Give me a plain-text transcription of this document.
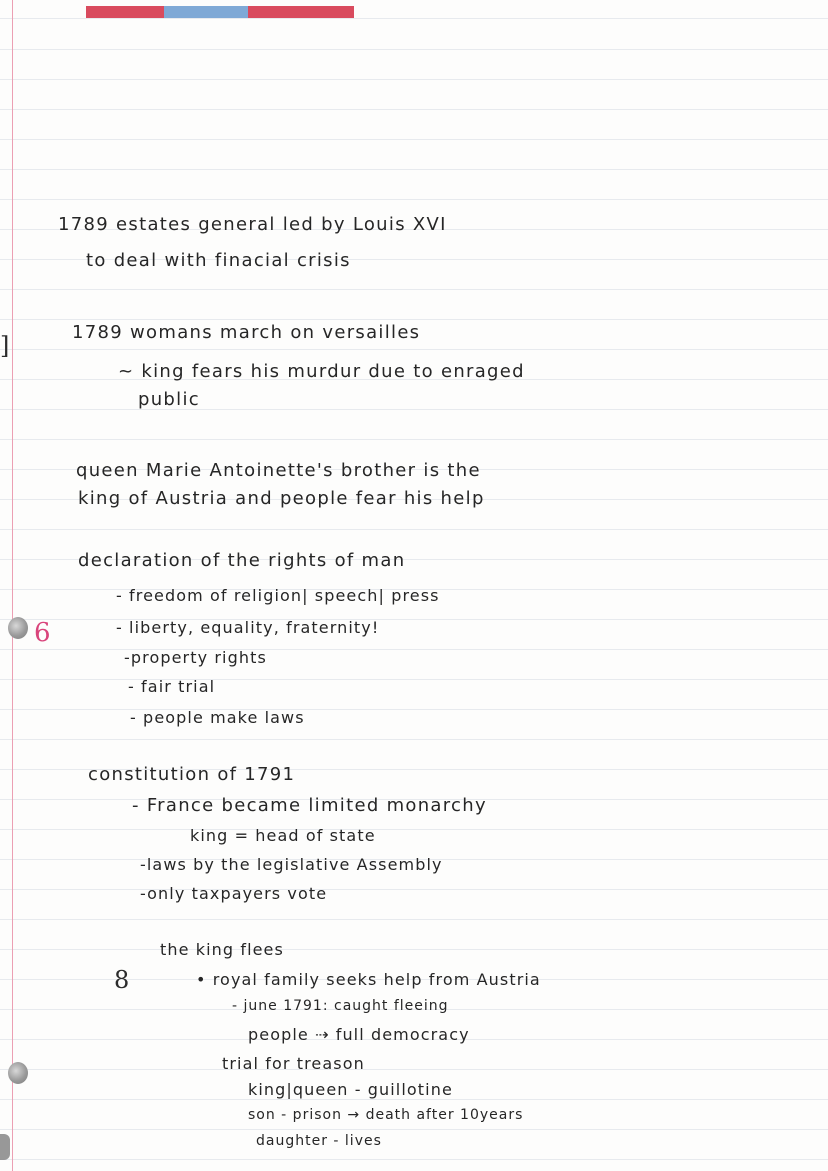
]
6
1789 estates general led by Louis XVI
to deal with finacial crisis
1789 womans march on versailles
~ king fears his murdur due to enraged
public
queen Marie Antoinette's brother is the
king of Austria and people fear his help
declaration of the rights of man
- freedom of religion| speech| press
- liberty, equality, fraternity!
-property rights
- fair trial
- people make laws
constitution of 1791
- France became limited monarchy
king = head of state
-laws by the legislative Assembly
-only taxpayers vote
8
the king flees
• royal family seeks help from Austria
- june 1791: caught fleeing
people ⇢ full democracy
trial for treason
king|queen - guillotine
son - prison → death after 10years
daughter - lives
